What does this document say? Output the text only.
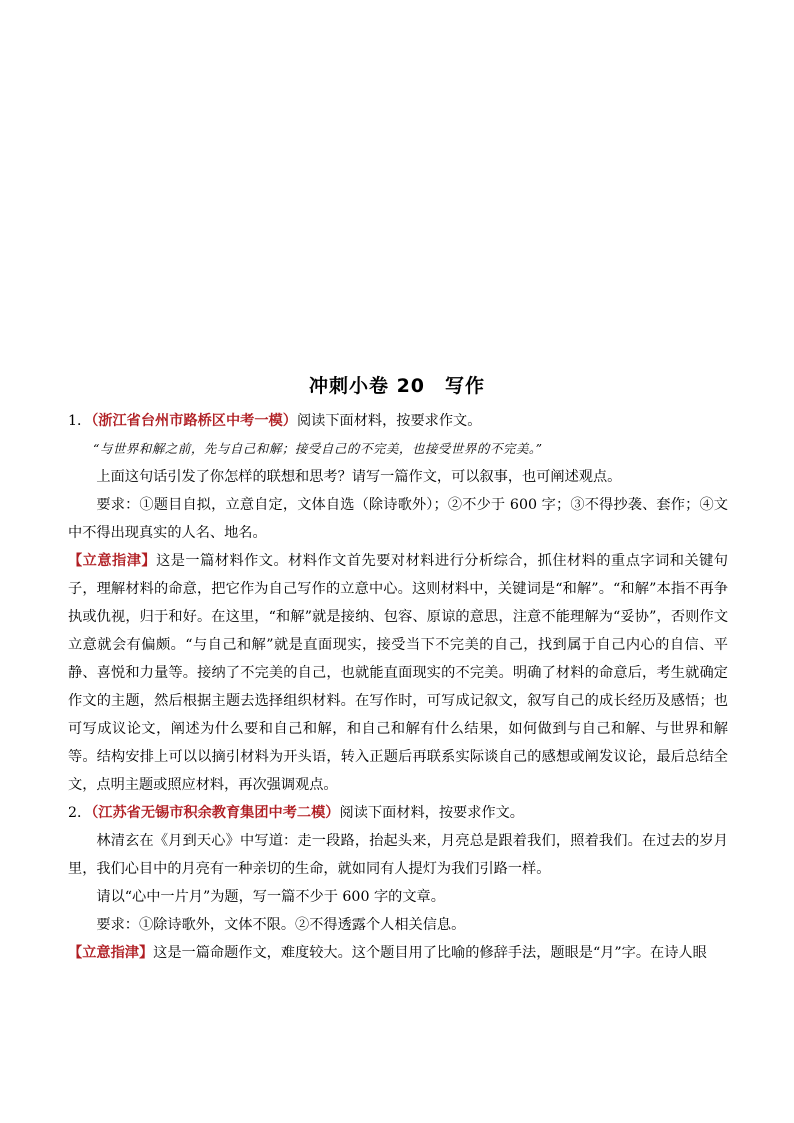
冲刺小卷 20　写作

1．（浙江省台州市路桥区中考一模）阅读下面材料，按要求作文。

“与世界和解之前，先与自己和解；接受自己的不完美，也接受世界的不完美。”

上面这句话引发了你怎样的联想和思考？请写一篇作文，可以叙事，也可阐述观点。

要求：①题目自拟，立意自定，文体自选（除诗歌外）；②不少于 600 字；③不得抄袭、套作；④文中不得出现真实的人名、地名。

【立意指津】这是一篇材料作文。材料作文首先要对材料进行分析综合，抓住材料的重点字词和关键句子，理解材料的命意，把它作为自己写作的立意中心。这则材料中，关键词是“和解”。“和解”本指不再争执或仇视，归于和好。在这里，“和解”就是接纳、包容、原谅的意思，注意不能理解为“妥协”，否则作文立意就会有偏颇。“与自己和解”就是直面现实，接受当下不完美的自己，找到属于自己内心的自信、平静、喜悦和力量等。接纳了不完美的自己，也就能直面现实的不完美。明确了材料的命意后，考生就确定作文的主题，然后根据主题去选择组织材料。在写作时，可写成记叙文，叙写自己的成长经历及感悟；也可写成议论文，阐述为什么要和自己和解，和自己和解有什么结果，如何做到与自己和解、与世界和解等。结构安排上可以以摘引材料为开头语，转入正题后再联系实际谈自己的感想或阐发议论，最后总结全文，点明主题或照应材料，再次强调观点。

2．（江苏省无锡市积余教育集团中考二模）阅读下面材料，按要求作文。

林清玄在《月到天心》中写道：走一段路，抬起头来，月亮总是跟着我们，照着我们。在过去的岁月里，我们心目中的月亮有一种亲切的生命，就如同有人提灯为我们引路一样。

请以“心中一片月”为题，写一篇不少于 600 字的文章。

要求：①除诗歌外，文体不限。②不得透露个人相关信息。

【立意指津】这是一篇命题作文，难度较大。这个题目用了比喻的修辞手法，题眼是“月”字。在诗人眼
